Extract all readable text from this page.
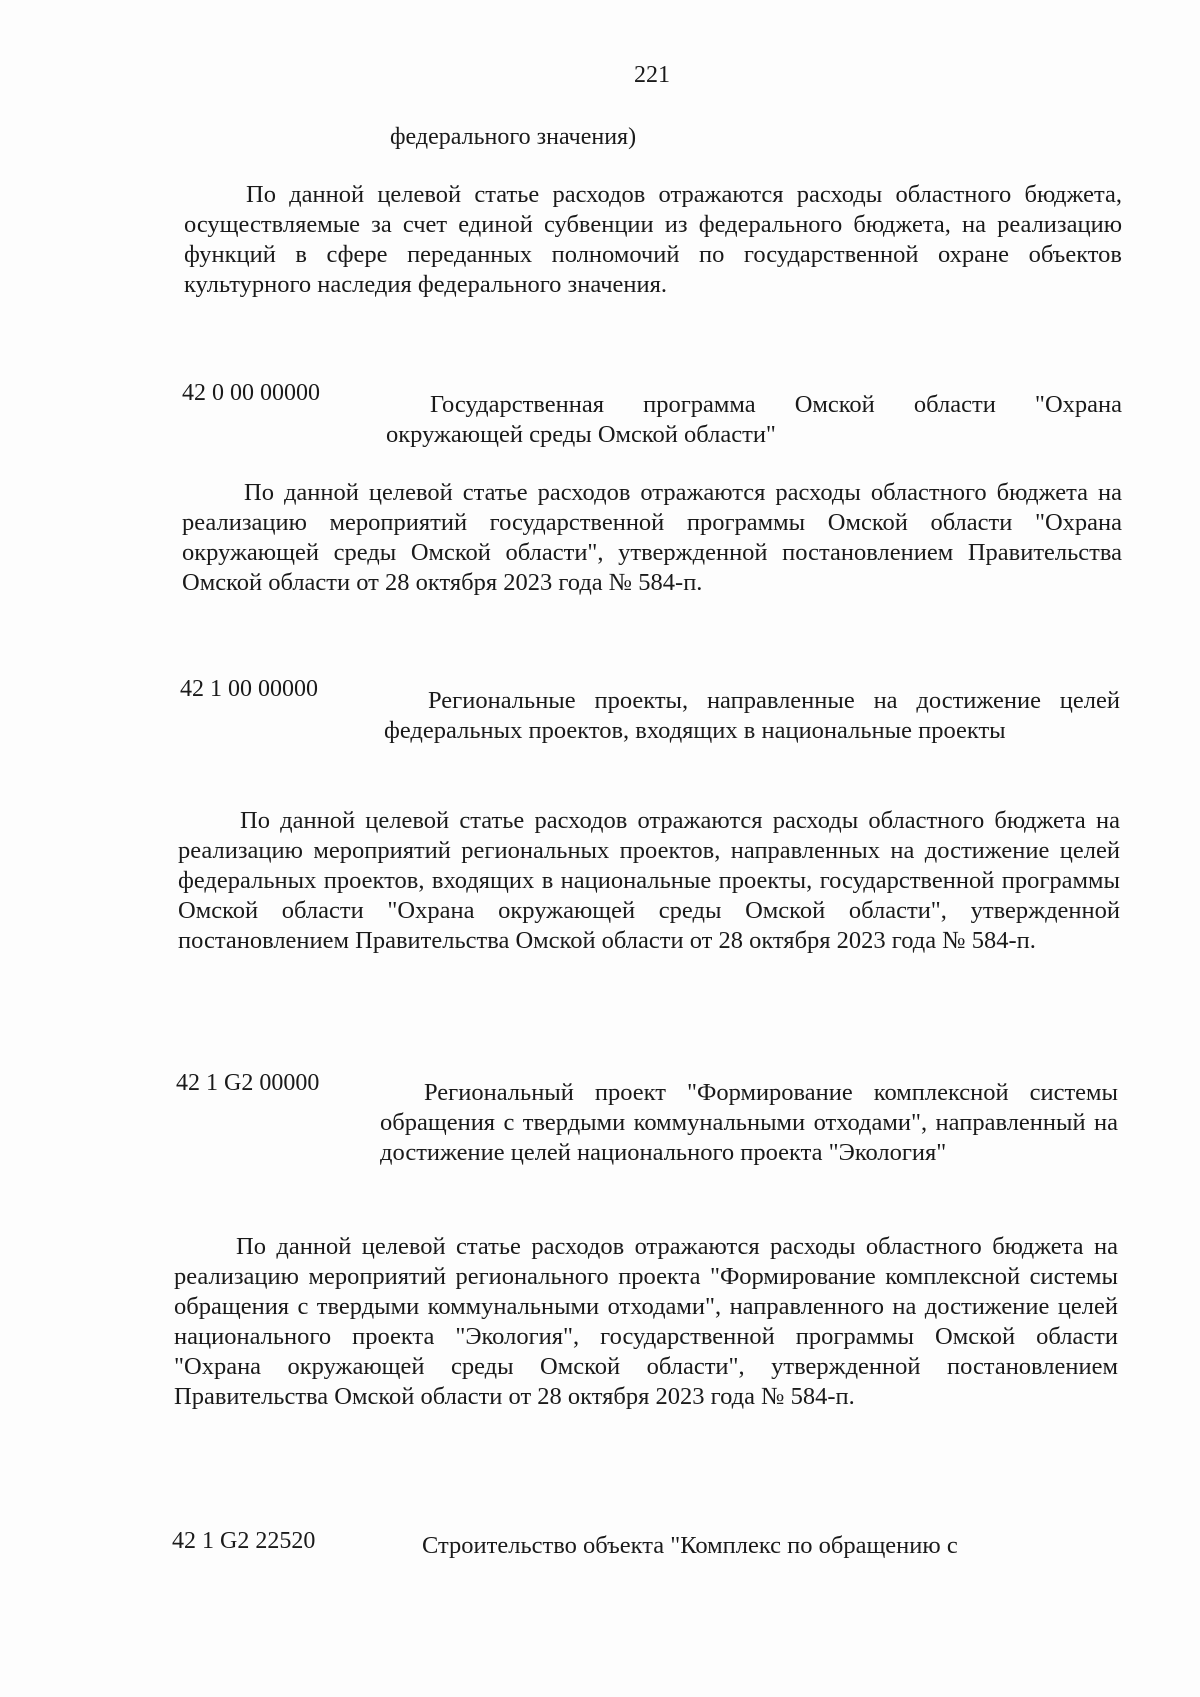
221
федерального значения)

По данной целевой статье расходов отражаются расходы областного бюджета, осуществляемые за счет единой субвенции из федерального бюджета, на реализацию функций в сфере переданных полномочий по государственной охране объектов культурного наследия федерального значения.

42 0 00 00000	Государственная программа Омской области "Охрана окружающей среды Омской области"

По данной целевой статье расходов отражаются расходы областного бюджета на реализацию мероприятий государственной программы Омской области "Охрана окружающей среды Омской области", утвержденной постановлением Правительства Омской области от 28 октября 2023 года № 584-п.

42 1 00 00000	Региональные проекты, направленные на достижение целей федеральных проектов, входящих в национальные проекты

По данной целевой статье расходов отражаются расходы областного бюджета на реализацию мероприятий региональных проектов, направленных на достижение целей федеральных проектов, входящих в национальные проекты, государственной программы Омской области "Охрана окружающей среды Омской области", утвержденной постановлением Правительства Омской области от 28 октября 2023 года № 584-п.

42 1 G2 00000	Региональный проект "Формирование комплексной системы обращения с твердыми коммунальными отходами", направленный на достижение целей национального проекта "Экология"

По данной целевой статье расходов отражаются расходы областного бюджета на реализацию мероприятий регионального проекта "Формирование комплексной системы обращения с твердыми коммунальными отходами", направленного на достижение целей национального проекта "Экология", государственной программы Омской области "Охрана окружающей среды Омской области", утвержденной постановлением Правительства Омской области от 28 октября 2023 года № 584-п.

42 1 G2 22520	Строительство объекта "Комплекс по обращению с
